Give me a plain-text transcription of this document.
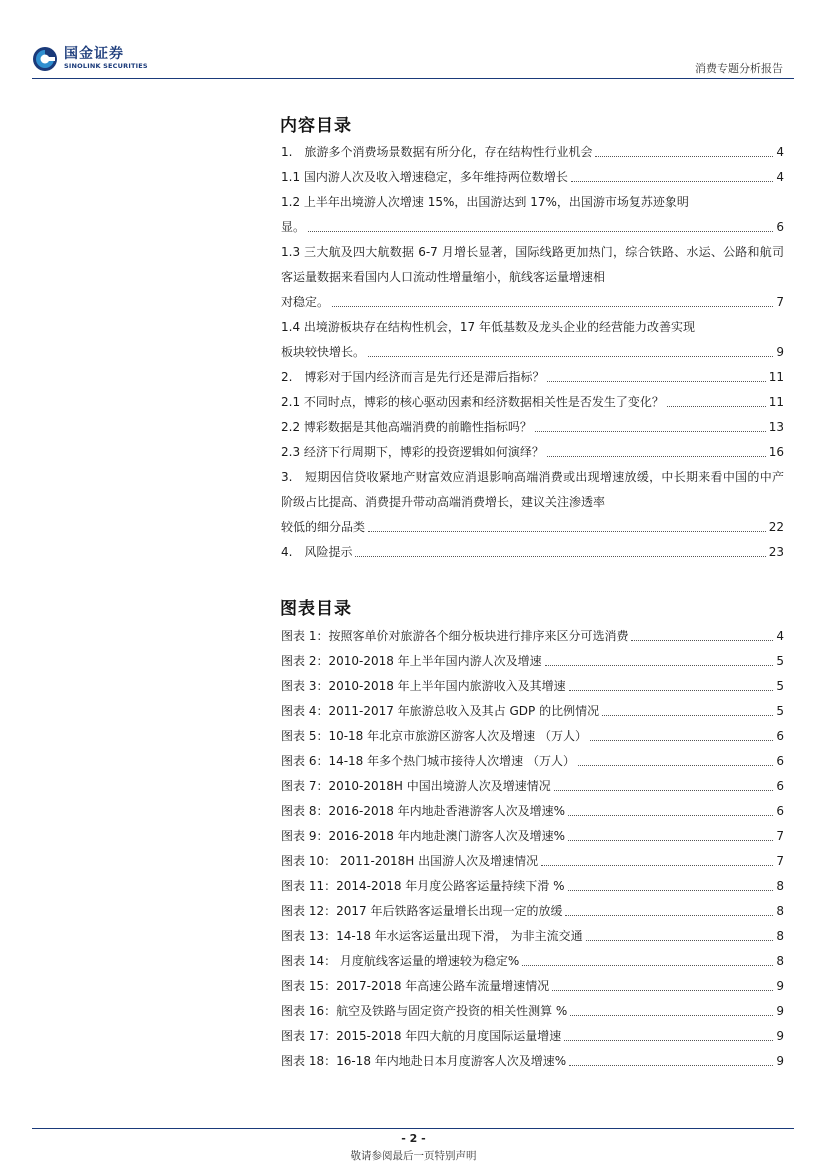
国金证券
SINOLINK SECURITIES	消费专题分析报告
内容目录
1.　旅游多个消费场景数据有所分化，存在结构性行业机会	4
1.1 国内游人次及收入增速稳定，多年维持两位数增长	4
1.2 上半年出境游人次增速 15%，出国游达到 17%，出国游市场复苏迹象明
显。	6
1.3 三大航及四大航数据 6-7 月增长显著，国际线路更加热门，综合铁路、水运、公路和航司客运量数据来看国内人口流动性增量缩小，航线客运量增速相
对稳定。	7
1.4 出境游板块存在结构性机会，17 年低基数及龙头企业的经营能力改善实现
板块较快增长。	9
2.　博彩对于国内经济而言是先行还是滞后指标？	11
2.1 不同时点，博彩的核心驱动因素和经济数据相关性是否发生了变化？	11
2.2 博彩数据是其他高端消费的前瞻性指标吗？	13
2.3 经济下行周期下，博彩的投资逻辑如何演绎？	16
3.　短期因信贷收紧地产财富效应消退影响高端消费或出现增速放缓，中长期来看中国的中产阶级占比提高、消费提升带动高端消费增长，建议关注渗透率
较低的细分品类	22
4.　风险提示	23
图表目录
图表 1：按照客单价对旅游各个细分板块进行排序来区分可选消费	4
图表 2：2010-2018 年上半年国内游人次及增速	5
图表 3：2010-2018 年上半年国内旅游收入及其增速	5
图表 4：2011-2017 年旅游总收入及其占 GDP 的比例情况	5
图表 5：10-18 年北京市旅游区游客人次及增速 （万人）	6
图表 6：14-18 年多个热门城市接待人次增速 （万人）	6
图表 7：2010-2018H 中国出境游人次及增速情况	6
图表 8：2016-2018 年内地赴香港游客人次及增速%	6
图表 9：2016-2018 年内地赴澳门游客人次及增速%	7
图表 10： 2011-2018H 出国游人次及增速情况	7
图表 11：2014-2018 年月度公路客运量持续下滑 %	8
图表 12：2017 年后铁路客运量增长出现一定的放缓	8
图表 13：14-18 年水运客运量出现下滑， 为非主流交通	8
图表 14： 月度航线客运量的增速较为稳定%	8
图表 15：2017-2018 年高速公路车流量增速情况	9
图表 16：航空及铁路与固定资产投资的相关性测算 %	9
图表 17：2015-2018 年四大航的月度国际运量增速	9
图表 18：16-18 年内地赴日本月度游客人次及增速%	9
- 2 -
敬请参阅最后一页特别声明
